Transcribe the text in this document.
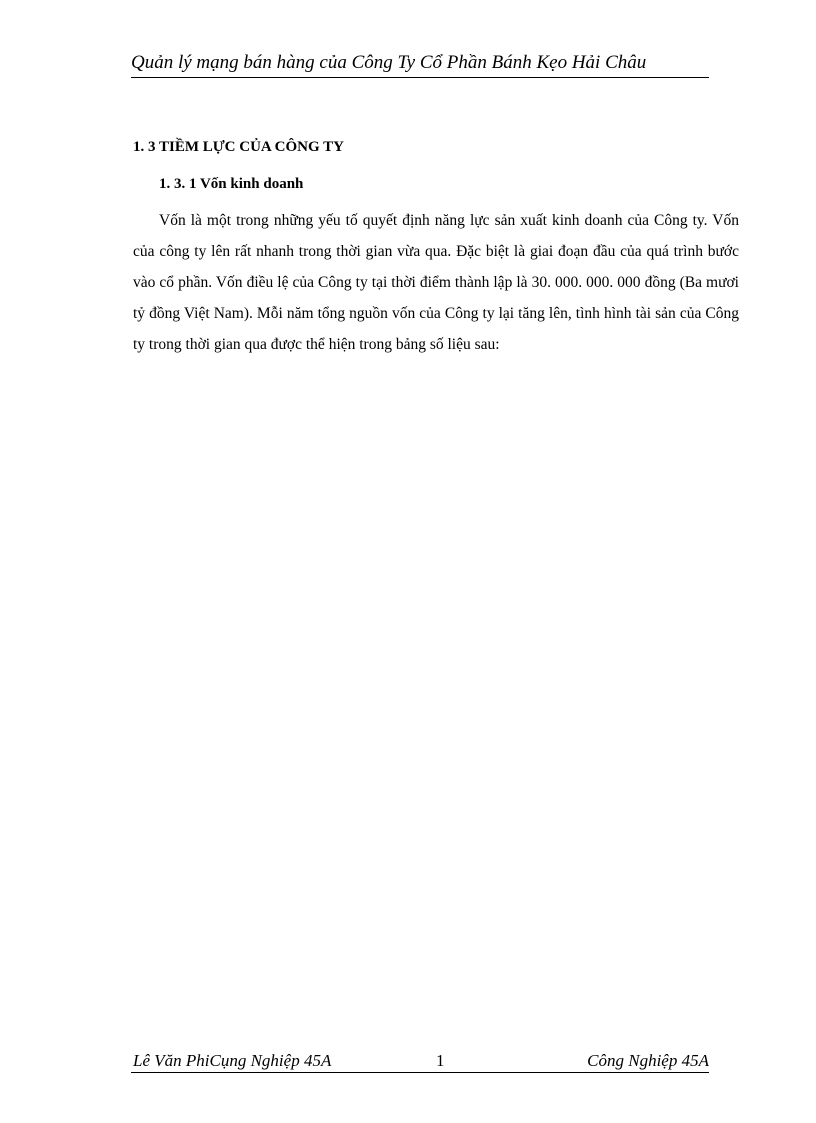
Quản lý mạng bán hàng của Công Ty Cổ Phần Bánh Kẹo Hải Châu
1. 3 TIỀM LỰC CỦA CÔNG TY
1. 3. 1 Vốn kinh doanh

Vốn là một trong những yếu tố quyết định năng lực sản xuất kinh doanh của Công ty. Vốn của công ty lên rất nhanh trong thời gian vừa qua. Đặc biệt là giai đoạn đầu của quá trình bước vào cổ phần. Vốn điều lệ của Công ty tại thời điểm thành lập là 30. 000. 000. 000 đồng (Ba mươi tỷ đồng Việt Nam). Mỗi năm tổng nguồn vốn của Công ty lại tăng lên, tình hình tài sản của Công ty trong thời gian qua được thể hiện trong bảng số liệu sau:

Lê Văn PhiCụng Nghiệp 45A	1	Công Nghiệp 45A
